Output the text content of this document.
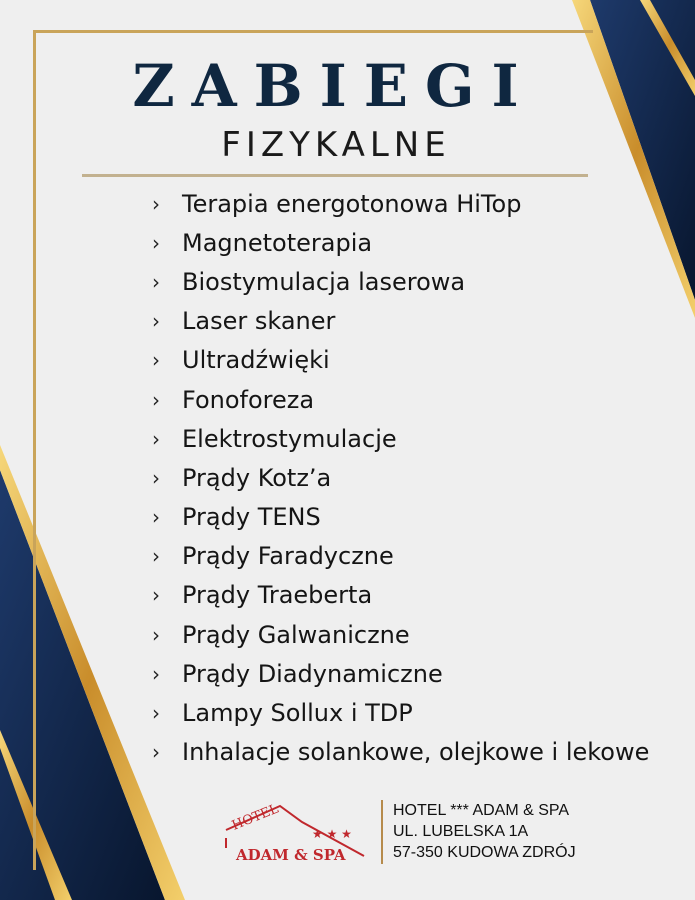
ZABIEGI
FIZYKALNE
› Terapia energotonowa HiTop
› Magnetoterapia
› Biostymulacja laserowa
› Laser skaner
› Ultradźwięki
› Fonoforeza
› Elektrostymulacje
› Prądy Kotz’a
› Prądy TENS
› Prądy Faradyczne
› Prądy Traeberta
› Prądy Galwaniczne
› Prądy Diadynamiczne
› Lampy Sollux i TDP
› Inhalacje solankowe, olejkowe i lekowe
HOTEL
★ ★ ★
ADAM & SPA
HOTEL *** ADAM & SPA
UL. LUBELSKA 1A
57-350 KUDOWA ZDRÓJ
